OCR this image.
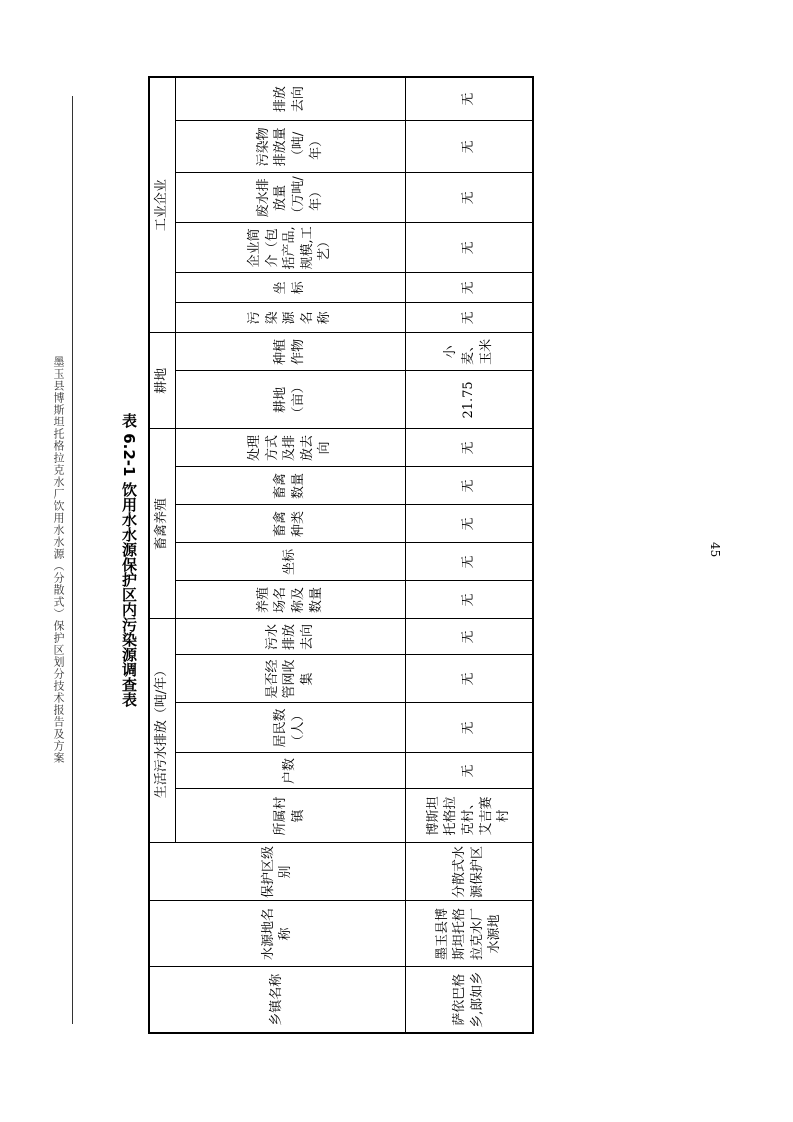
墨玉县博斯坦托格拉克水厂饮用水水源（分散式）保护区划分技术报告及方案	表 6.2-1 饮用水水源保护区内污染源调查表	45
乡镇名称	水源地名称	保护区级别	生活污水排放（吨/年）					畜禽养殖					耕地		工业企业					
			所属村镇	户数	居民数（人）	是否经管网收集	污水排放去向	养殖场名称及数量	坐标	畜禽种类	畜禽数量	处理方式及排放去向	耕地（亩）	种植作物	污染源名称	坐标	企业简介（包括产品,规模,工艺）	废水排放量（万吨/年）	污染物排放量（吨/年）	排放去向
萨依巴格乡,郎如乡	墨玉县博斯坦托格拉克水厂水源地	分散式水源保护区	博斯坦托格拉克村、艾吉赛村	无	无	无	无	无	无	无	无	无	21.75	小麦、玉米	无	无	无	无	无	无
